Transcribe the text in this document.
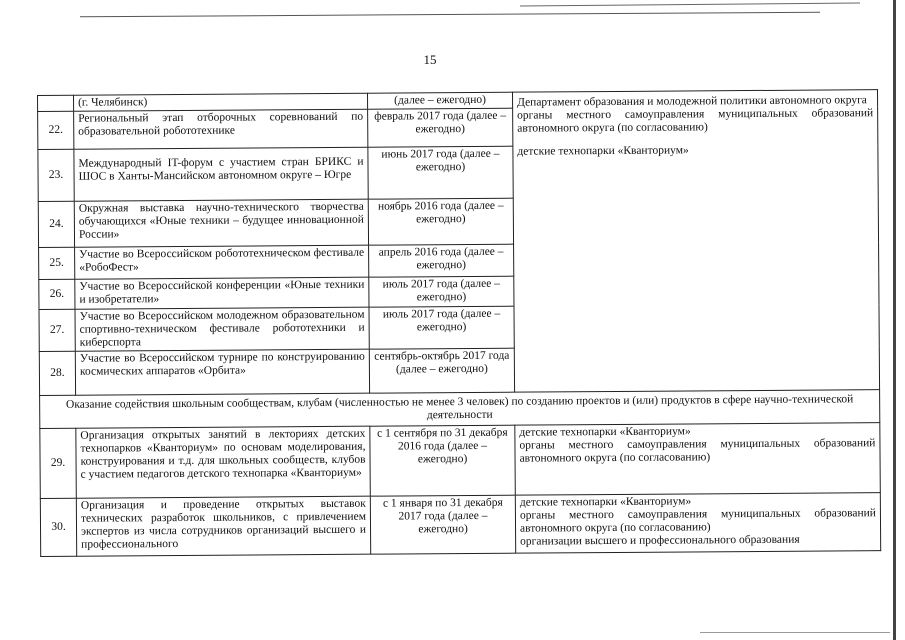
15
	(г. Челябинск)	(далее – ежегодно)	Департамент образования и молодежной политики автономного округа

органы местного самоуправления муниципальных образований автономного округа (по согласованию)

детские технопарки «Кванториум»

22.	Региональный этап отборочных соревнований по образовательной робототехнике	февраль 2017 года (далее – ежегодно)	
23.	Международный IT-форум с участием стран БРИКС и ШОС в Ханты-Мансийском автономном округе – Югре	июнь 2017 года (далее – ежегодно)	
24.	Окружная выставка научно-технического творчества обучающихся «Юные техники – будущее инновационной России»	ноябрь 2016 года (далее – ежегодно)	
25.	Участие во Всероссийском робототехническом фестивале «РобоФест»	апрель 2016 года (далее – ежегодно)	
26.	Участие во Всероссийской конференции «Юные техники и изобретатели»	июль 2017 года (далее – ежегодно)	
27.	Участие во Всероссийском молодежном образовательном спортивно-техническом фестивале робототехники и киберспорта	июль 2017 года (далее – ежегодно)	
28.	Участие во Всероссийском турнире по конструированию космических аппаратов «Орбита»	сентябрь-октябрь 2017 года (далее – ежегодно)	
Оказание содействия школьным сообществам, клубам (численностью не менее 3 человек) по созданию проектов и (или) продуктов в сфере научно-технической деятельности			
29.	Организация открытых занятий в лекториях детских технопарков «Кванториум» по основам моделирования, конструирования и т.д. для школьных сообществ, клубов с участием педагогов детского технопарка «Кванториум»	с 1 сентября по 31 декабря 2016 года (далее – ежегодно)	детские технопарки «Кванториум»

органы местного самоуправления муниципальных образований автономного округа (по согласованию)

30.	Организация и проведение открытых выставок технических разработок школьников, с привлечением экспертов из числа сотрудников организаций высшего и профессионального	с 1 января по 31 декабря 2017 года (далее – ежегодно)	детские технопарки «Кванториум»

органы местного самоуправления муниципальных образований автономного округа (по согласованию)

организации высшего и профессионального образования
